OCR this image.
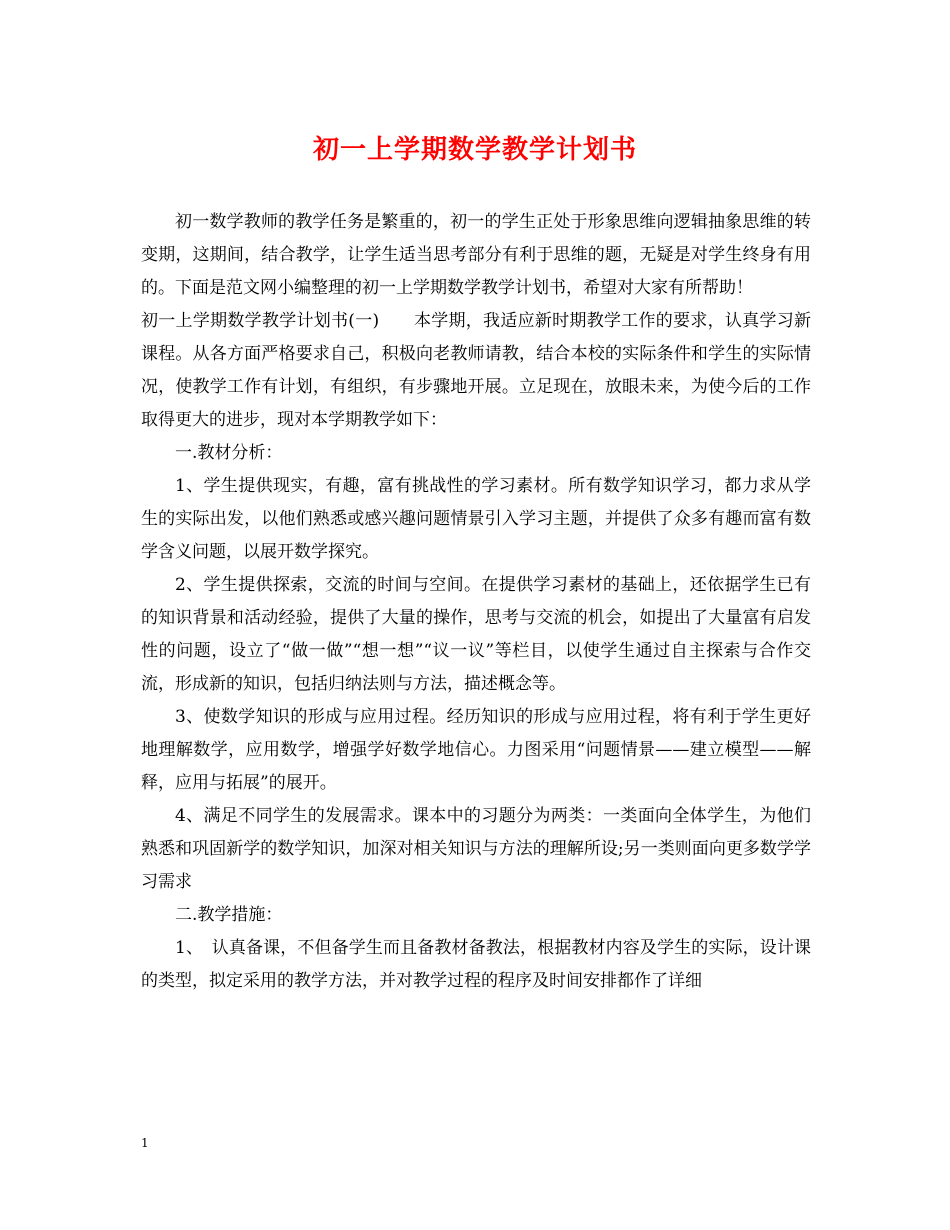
初一上学期数学教学计划书

初一数学教师的教学任务是繁重的，初一的学生正处于形象思维向逻辑抽象思维的转变期，这期间，结合教学，让学生适当思考部分有利于思维的题，无疑是对学生终身有用的。下面是范文网小编整理的初一上学期数学教学计划书，希望对大家有所帮助！

初一上学期数学教学计划书(一)　　本学期，我适应新时期教学工作的要求，认真学习新课程。从各方面严格要求自己，积极向老教师请教，结合本校的实际条件和学生的实际情况，使教学工作有计划，有组织，有步骤地开展。立足现在，放眼未来，为使今后的工作取得更大的进步，现对本学期教学如下：

一.教材分析：

1、学生提供现实，有趣，富有挑战性的学习素材。所有数学知识学习，都力求从学生的实际出发，以他们熟悉或感兴趣问题情景引入学习主题，并提供了众多有趣而富有数学含义问题，以展开数学探究。

2、学生提供探索，交流的时间与空间。在提供学习素材的基础上，还依据学生已有的知识背景和活动经验，提供了大量的操作，思考与交流的机会，如提出了大量富有启发性的问题，设立了“做一做”“想一想”“议一议”等栏目，以使学生通过自主探索与合作交流，形成新的知识，包括归纳法则与方法，描述概念等。

3、使数学知识的形成与应用过程。经历知识的形成与应用过程，将有利于学生更好地理解数学，应用数学，增强学好数学地信心。力图采用“问题情景——建立模型——解释，应用与拓展”的展开。

4、满足不同学生的发展需求。课本中的习题分为两类：一类面向全体学生，为他们熟悉和巩固新学的数学知识，加深对相关知识与方法的理解所设;另一类则面向更多数学学习需求

二.教学措施：

1、　认真备课，不但备学生而且备教材备教法，根据教材内容及学生的实际，设计课的类型，拟定采用的教学方法，并对教学过程的程序及时间安排都作了详细

1
